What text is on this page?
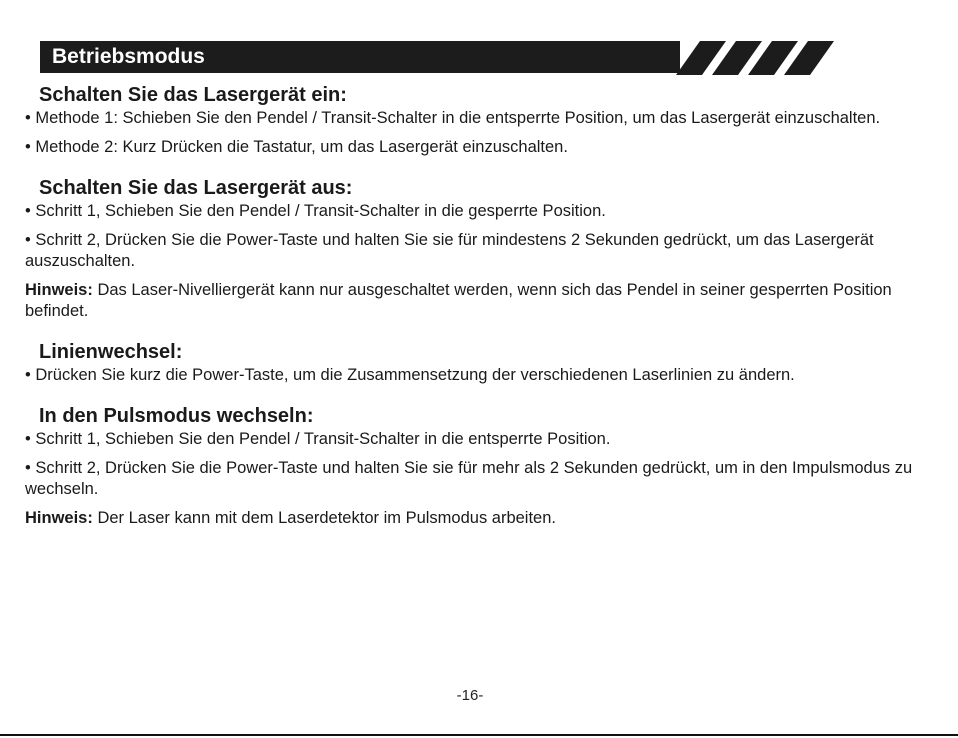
Betriebsmodus
Schalten Sie das Lasergerät ein:

• Methode 1: Schieben Sie den Pendel / Transit-Schalter in die entsperrte Position, um das Lasergerät einzuschalten.

• Methode 2: Kurz Drücken die Tastatur, um das Lasergerät einzuschalten.

Schalten Sie das Lasergerät aus:

• Schritt 1, Schieben Sie den Pendel / Transit-Schalter in die gesperrte Position.

• Schritt 2, Drücken Sie die Power-Taste und halten Sie sie für mindestens 2 Sekunden gedrückt, um das Lasergerät auszuschalten.

Hinweis: Das Laser-Nivelliergerät kann nur ausgeschaltet werden, wenn sich das Pendel in seiner gesperrten Position befindet.

Linienwechsel:

• Drücken Sie kurz die Power-Taste, um die Zusammensetzung der verschiedenen Laserlinien zu ändern.

In den Pulsmodus wechseln:

• Schritt 1, Schieben Sie den Pendel / Transit-Schalter in die entsperrte Position.

• Schritt 2, Drücken Sie die Power-Taste und halten Sie sie für mehr als 2 Sekunden gedrückt, um in den Impulsmodus zu wechseln.

Hinweis: Der Laser kann mit dem Laserdetektor im Pulsmodus arbeiten.

-16-
